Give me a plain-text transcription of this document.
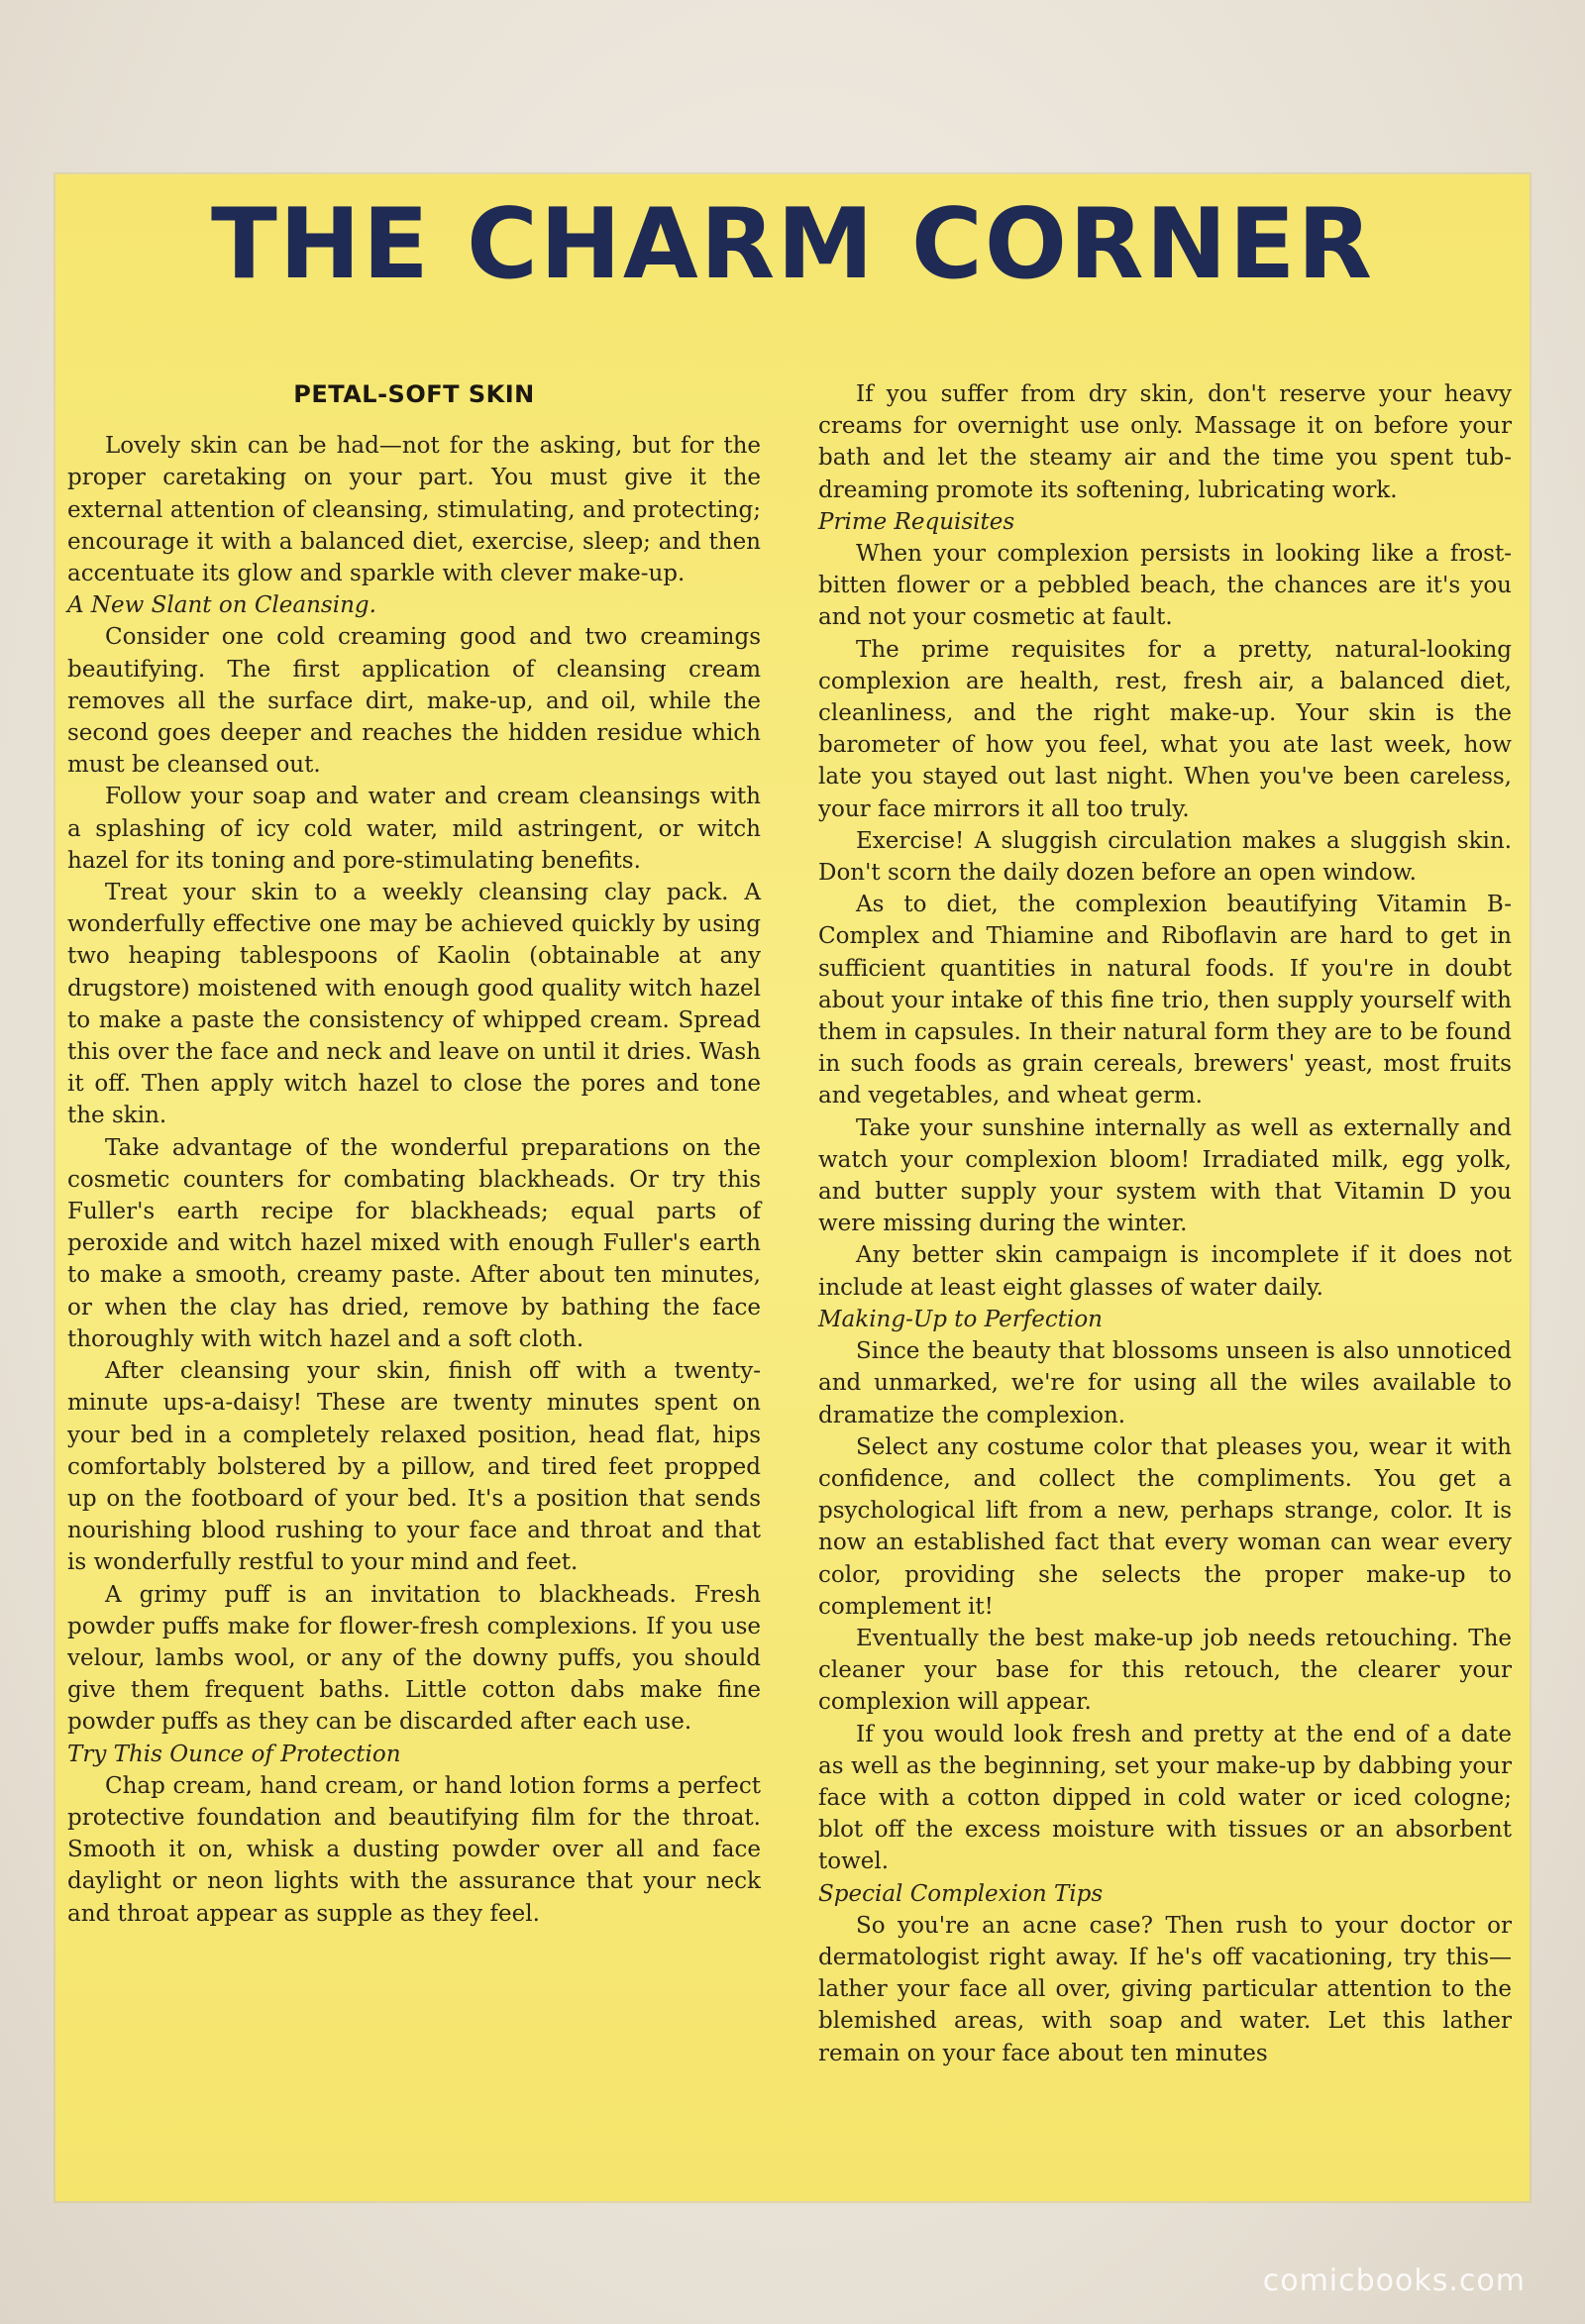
THE CHARM CORNER

PETAL-SOFT SKIN

Lovely skin can be had—not for the asking, but for the proper caretaking on your part. You must give it the external attention of cleansing, stimulating, and protecting; encourage it with a balanced diet, exercise, sleep; and then accentuate its glow and sparkle with clever make-up.

A New Slant on Cleansing.

Consider one cold creaming good and two creamings beautifying. The first application of cleansing cream removes all the surface dirt, make-up, and oil, while the second goes deeper and reaches the hidden residue which must be cleansed out.

Follow your soap and water and cream cleansings with a splashing of icy cold water, mild astringent, or witch hazel for its toning and pore-stimulating benefits.

Treat your skin to a weekly cleansing clay pack. A wonderfully effective one may be achieved quickly by using two heaping tablespoons of Kaolin (obtainable at any drugstore) moistened with enough good quality witch hazel to make a paste the consistency of whipped cream. Spread this over the face and neck and leave on until it dries. Wash it off. Then apply witch hazel to close the pores and tone the skin.

Take advantage of the wonderful preparations on the cosmetic counters for combating blackheads. Or try this Fuller's earth recipe for blackheads; equal parts of peroxide and witch hazel mixed with enough Fuller's earth to make a smooth, creamy paste. After about ten minutes, or when the clay has dried, remove by bathing the face thoroughly with witch hazel and a soft cloth.

After cleansing your skin, finish off with a twenty-minute ups-a-daisy! These are twenty minutes spent on your bed in a completely relaxed position, head flat, hips comfortably bolstered by a pillow, and tired feet propped up on the footboard of your bed. It's a position that sends nourishing blood rushing to your face and throat and that is wonderfully restful to your mind and feet.

A grimy puff is an invitation to blackheads. Fresh powder puffs make for flower-fresh complexions. If you use velour, lambs wool, or any of the downy puffs, you should give them frequent baths. Little cotton dabs make fine powder puffs as they can be discarded after each use.

Try This Ounce of Protection

Chap cream, hand cream, or hand lotion forms a perfect protective foundation and beautifying film for the throat. Smooth it on, whisk a dusting powder over all and face daylight or neon lights with the assurance that your neck and throat appear as supple as they feel.

If you suffer from dry skin, don't reserve your heavy creams for overnight use only. Massage it on before your bath and let the steamy air and the time you spent tub-dreaming promote its softening, lubricating work.

Prime Requisites

When your complexion persists in looking like a frost-bitten flower or a pebbled beach, the chances are it's you and not your cosmetic at fault.

The prime requisites for a pretty, natural-looking complexion are health, rest, fresh air, a balanced diet, cleanliness, and the right make-up. Your skin is the barometer of how you feel, what you ate last week, how late you stayed out last night. When you've been careless, your face mirrors it all too truly.

Exercise! A sluggish circulation makes a sluggish skin. Don't scorn the daily dozen before an open window.

As to diet, the complexion beautifying Vitamin B-Complex and Thiamine and Riboflavin are hard to get in sufficient quantities in natural foods. If you're in doubt about your intake of this fine trio, then supply yourself with them in capsules. In their natural form they are to be found in such foods as grain cereals, brewers' yeast, most fruits and vegetables, and wheat germ.

Take your sunshine internally as well as externally and watch your complexion bloom! Irradiated milk, egg yolk, and butter supply your system with that Vitamin D you were missing during the winter.

Any better skin campaign is incomplete if it does not include at least eight glasses of water daily.

Making-Up to Perfection

Since the beauty that blossoms unseen is also unnoticed and unmarked, we're for using all the wiles available to dramatize the complexion.

Select any costume color that pleases you, wear it with confidence, and collect the compliments. You get a psychological lift from a new, perhaps strange, color. It is now an established fact that every woman can wear every color, providing she selects the proper make-up to complement it!

Eventually the best make-up job needs retouching. The cleaner your base for this retouch, the clearer your complexion will appear.

If you would look fresh and pretty at the end of a date as well as the beginning, set your make-up by dabbing your face with a cotton dipped in cold water or iced cologne; blot off the excess moisture with tissues or an absorbent towel.

Special Complexion Tips

So you're an acne case? Then rush to your doctor or dermatologist right away. If he's off vacationing, try this—lather your face all over, giving particular attention to the blemished areas, with soap and water. Let this lather remain on your face about ten minutes

comicbooks.com
